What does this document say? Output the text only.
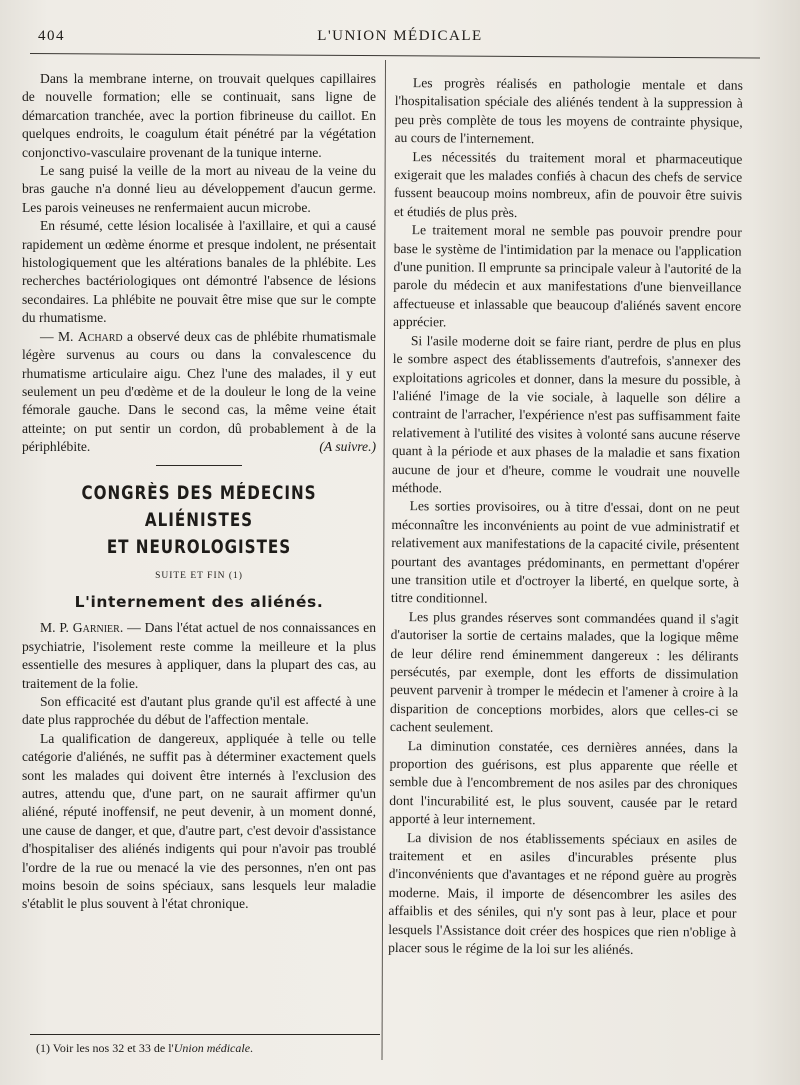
404	L'UNION MÉDICALE

Dans la membrane interne, on trouvait quelques capillaires de nouvelle formation; elle se continuait, sans ligne de démarcation tranchée, avec la portion fibrineuse du caillot. En quelques endroits, le coagulum était pénétré par la végétation conjonctivo-vasculaire provenant de la tunique interne.

Le sang puisé la veille de la mort au niveau de la veine du bras gauche n'a donné lieu au développement d'aucun germe. Les parois veineuses ne renfermaient aucun microbe.

En résumé, cette lésion localisée à l'axillaire, et qui a causé rapidement un œdème énorme et presque indolent, ne présentait histologiquement que les altérations banales de la phlébite. Les recherches bactériologiques ont démontré l'absence de lésions secondaires. La phlébite ne pouvait être mise que sur le compte du rhumatisme.

— M. Achard a observé deux cas de phlébite rhumatismale légère survenus au cours ou dans la convalescence du rhumatisme articulaire aigu. Chez l'une des malades, il y eut seulement un peu d'œdème et de la douleur le long de la veine fémorale gauche. Dans le second cas, la même veine était atteinte; on put sentir un cordon, dû probablement à de la périphlébite.	(A suivre.)

CONGRÈS DES MÉDECINS ALIÉNISTES
ET NEUROLOGISTES
SUITE ET FIN (1)
L'internement des aliénés.

M. P. Garnier. — Dans l'état actuel de nos connaissances en psychiatrie, l'isolement reste comme la meilleure et la plus essentielle des mesures à appliquer, dans la plupart des cas, au traitement de la folie.

Son efficacité est d'autant plus grande qu'il est affecté à une date plus rapprochée du début de l'affection mentale.

La qualification de dangereux, appliquée à telle ou telle catégorie d'aliénés, ne suffit pas à déterminer exactement quels sont les malades qui doivent être internés à l'exclusion des autres, attendu que, d'une part, on ne saurait affirmer qu'un aliéné, réputé inoffensif, ne peut devenir, à un moment donné, une cause de danger, et que, d'autre part, c'est devoir d'assistance d'hospitaliser des aliénés indigents qui pour n'avoir pas troublé l'ordre de la rue ou menacé la vie des personnes, n'en ont pas moins besoin de soins spéciaux, sans lesquels leur maladie s'établit le plus souvent à l'état chronique.

(1) Voir les nos 32 et 33 de l'Union médicale.

Les progrès réalisés en pathologie mentale et dans l'hospitalisation spéciale des aliénés tendent à la suppression à peu près complète de tous les moyens de contrainte physique, au cours de l'internement.

Les nécessités du traitement moral et pharmaceutique exigerait que les malades confiés à chacun des chefs de service fussent beaucoup moins nombreux, afin de pouvoir être suivis et étudiés de plus près.

Le traitement moral ne semble pas pouvoir prendre pour base le système de l'intimidation par la menace ou l'application d'une punition. Il emprunte sa principale valeur à l'autorité de la parole du médecin et aux manifestations d'une bienveillance affectueuse et inlassable que beaucoup d'aliénés savent encore apprécier.

Si l'asile moderne doit se faire riant, perdre de plus en plus le sombre aspect des établissements d'autrefois, s'annexer des exploitations agricoles et donner, dans la mesure du possible, à l'aliéné l'image de la vie sociale, à laquelle son délire a contraint de l'arracher, l'expérience n'est pas suffisamment faite relativement à l'utilité des visites à volonté sans aucune réserve quant à la période et aux phases de la maladie et sans fixation aucune de jour et d'heure, comme le voudrait une nouvelle méthode.

Les sorties provisoires, ou à titre d'essai, dont on ne peut méconnaître les inconvénients au point de vue administratif et relativement aux manifestations de la capacité civile, présentent pourtant des avantages prédominants, en permettant d'opérer une transition utile et d'octroyer la liberté, en quelque sorte, à titre conditionnel.

Les plus grandes réserves sont commandées quand il s'agit d'autoriser la sortie de certains malades, que la logique même de leur délire rend éminemment dangereux : les délirants persécutés, par exemple, dont les efforts de dissimulation peuvent parvenir à tromper le médecin et l'amener à croire à la disparition de conceptions morbides, alors que celles-ci se cachent seulement.

La diminution constatée, ces dernières années, dans la proportion des guérisons, est plus apparente que réelle et semble due à l'encombrement de nos asiles par des chroniques dont l'incurabilité est, le plus souvent, causée par le retard apporté à leur internement.

La division de nos établissements spéciaux en asiles de traitement et en asiles d'incurables présente plus d'inconvénients que d'avantages et ne répond guère au progrès moderne. Mais, il importe de désencombrer les asiles des affaiblis et des séniles, qui n'y sont pas à leur, place et pour lesquels l'Assistance doit créer des hospices que rien n'oblige à placer sous le régime de la loi sur les aliénés.
